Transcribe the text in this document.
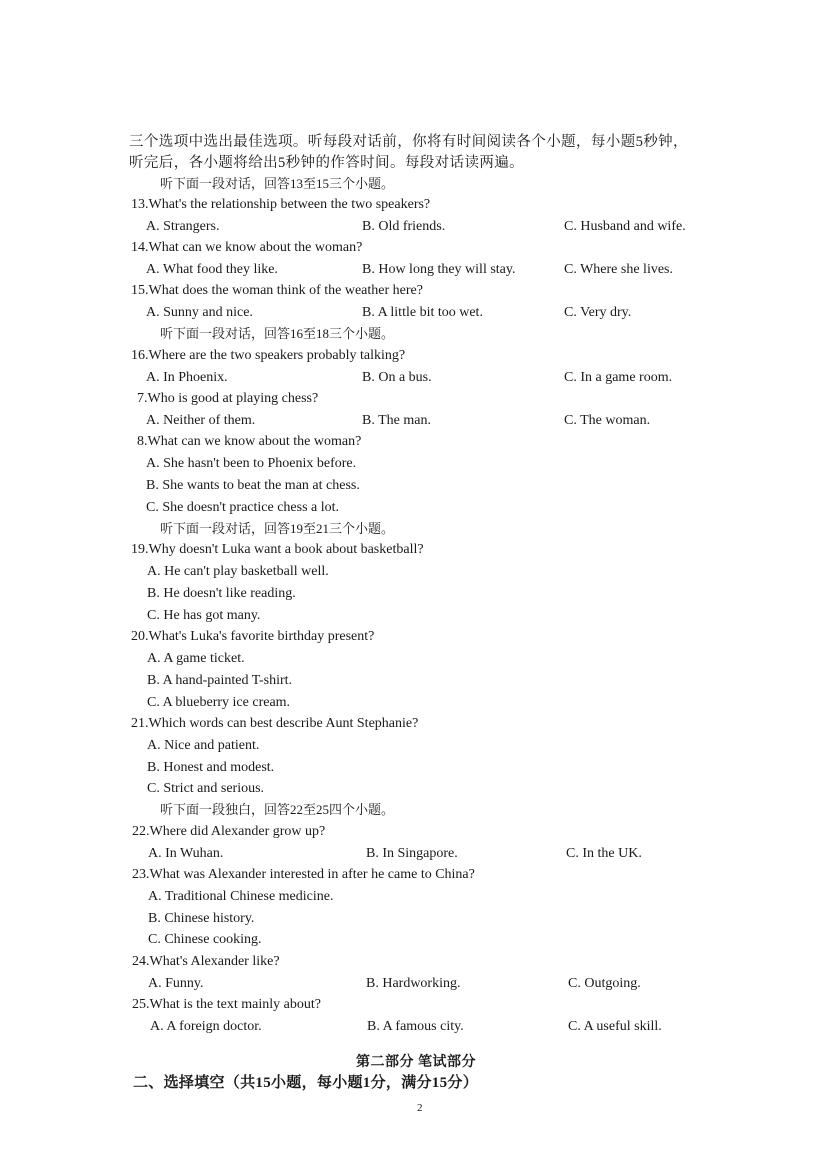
三个选项中选出最佳选项。听每段对话前，你将有时间阅读各个小题，每小题5秒钟，
听完后，各小题将给出5秒钟的作答时间。每段对话读两遍。
听下面一段对话，回答13至15三个小题。
13.What's the relationship between the two speakers?
A. Strangers.	B. Old friends.	C. Husband and wife.
14.What can we know about the woman?
A. What food they like.	B. How long they will stay.	C. Where she lives.
15.What does the woman think of the weather here?
A. Sunny and nice.	B. A little bit too wet.	C. Very dry.
听下面一段对话，回答16至18三个小题。
16.Where are the two speakers probably talking?
A. In Phoenix.	B. On a bus.	C. In a game room.
7.Who is good at playing chess?
A. Neither of them.	B. The man.	C. The woman.
8.What can we know about the woman?
A. She hasn't been to Phoenix before.
B. She wants to beat the man at chess.
C. She doesn't practice chess a lot.
听下面一段对话，回答19至21三个小题。
19.Why doesn't Luka want a book about basketball?
A. He can't play basketball well.
B. He doesn't like reading.
C. He has got many.
20.What's Luka's favorite birthday present?
A. A game ticket.
B. A hand-painted T-shirt.
C. A blueberry ice cream.
21.Which words can best describe Aunt Stephanie?
A. Nice and patient.
B. Honest and modest.
C. Strict and serious.
听下面一段独白，回答22至25四个小题。
22.Where did Alexander grow up?
A. In Wuhan.	B. In Singapore.	C. In the UK.
23.What was Alexander interested in after he came to China?
A. Traditional Chinese medicine.
B. Chinese history.
C. Chinese cooking.
24.What's Alexander like?
A. Funny.	B. Hardworking.	C. Outgoing.
25.What is the text mainly about?
A. A foreign doctor.	B. A famous city.	C. A useful skill.
第二部分 笔试部分
二、选择填空（共15小题，每小题1分，满分15分）
2
